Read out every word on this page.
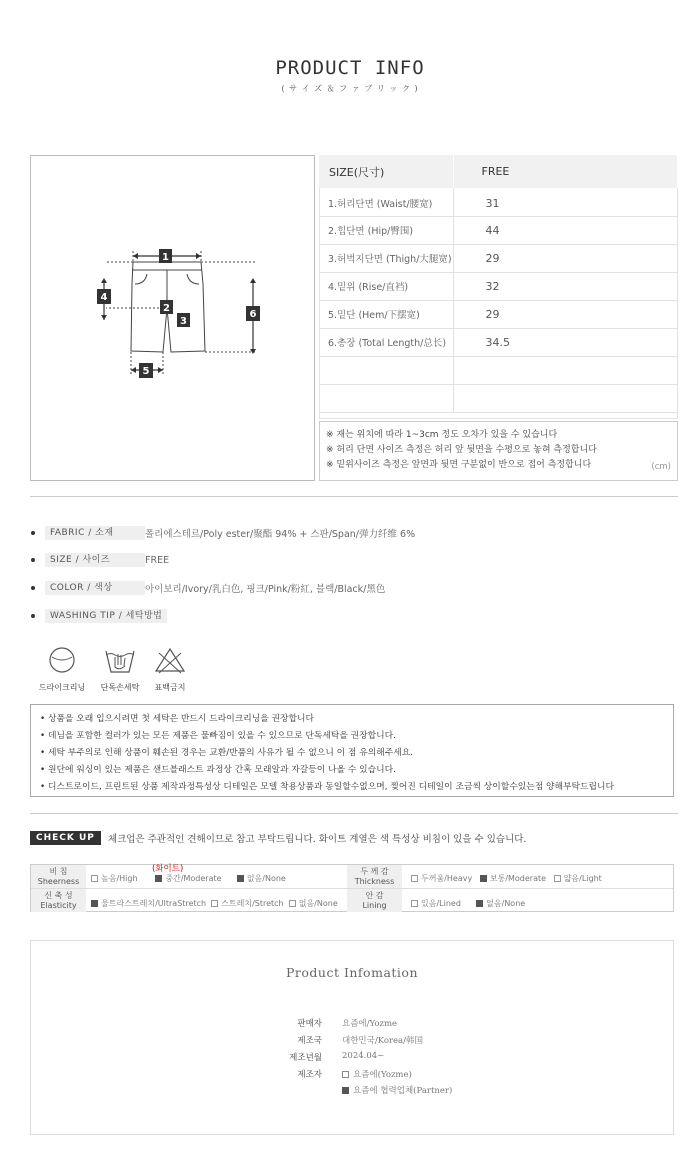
PRODUCT INFO
( サ イ ズ ＆ フ ァ ブ リ ッ ク )
1
2
3
4
5
6
SIZE(尺寸)	FREE
1.허리단면 (Waist/腰宽)	31
2.힙단면 (Hip/臀围)	44
3.허벅지단면 (Thigh/大腿宽)	29
4.밑위 (Rise/直裆)	32
5.밑단 (Hem/下摆宽)	29
6.총장 (Total Length/总长)	34.5

※ 재는 위치에 따라 1~3cm 정도 오차가 있을 수 있습니다

※ 허리 단면 사이즈 측정은 허리 앞 뒷면을 수평으로 놓혀 측정합니다

※ 밑위사이즈 측정은 앞면과 뒷면 구분없이 반으로 접어 측정합니다	(cm)
FABRIC / 소재	폴리에스테르/Poly ester/聚酯 94% + 스판/Span/弹力纤维 6%
SIZE / 사이즈	FREE
COLOR / 색상	아이보리/Ivory/乳白色, 핑크/Pink/粉紅, 블랙/Black/黑色
WASHING TIP / 세탁방법
드라이크리닝	단독손세탁	표백금지

• 상품을 오래 입으시려면 첫 세탁은 반드시 드라이크리닝을 권장합니다

• 데님을 포함한 컬러가 있는 모든 제품은 물빠짐이 있을 수 있으므로 단독세탁을 권장합니다.

• 세탁 부주의로 인해 상품이 훼손된 경우는 교환/반품의 사유가 될 수 없으니 이 점 유의해주세요.

• 원단에 워싱이 있는 제품은 샌드블래스트 과정상 간혹 모래알과 자갈등이 나올 수 있습니다.

• 디스트로이드, 프린트된 상품 제작과정특성상 디테일은 모델 착용상품과 동일할수없으며, 찢어진 디테일이 조금씩 상이할수있는점 양해부탁드립니다

CHECK UP	체크업은 주관적인 견해이므로 참고 부탁드립니다. 화이트 계열은 색 특성상 비침이 있을 수 있습니다.
(화이트)
비 침
Sheerness	높음/High	중간/Moderate	없음/None
두 께 감
Thickness	두꺼움/Heavy 보통/Moderate 얇음/Light
신 축 성
Elasticity	울트라스트레치/UltraStretch 스트레치/Stretch 없음/None
안 감
Lining	있음/Lined	없음/None
Product Infomation
판매자 요즘에/Yozme
제조국 대한민국/Korea/韩国
제조년월 2024.04~
제조자	요즘에(Yozme)
요즘에 협력업체(Partner)
